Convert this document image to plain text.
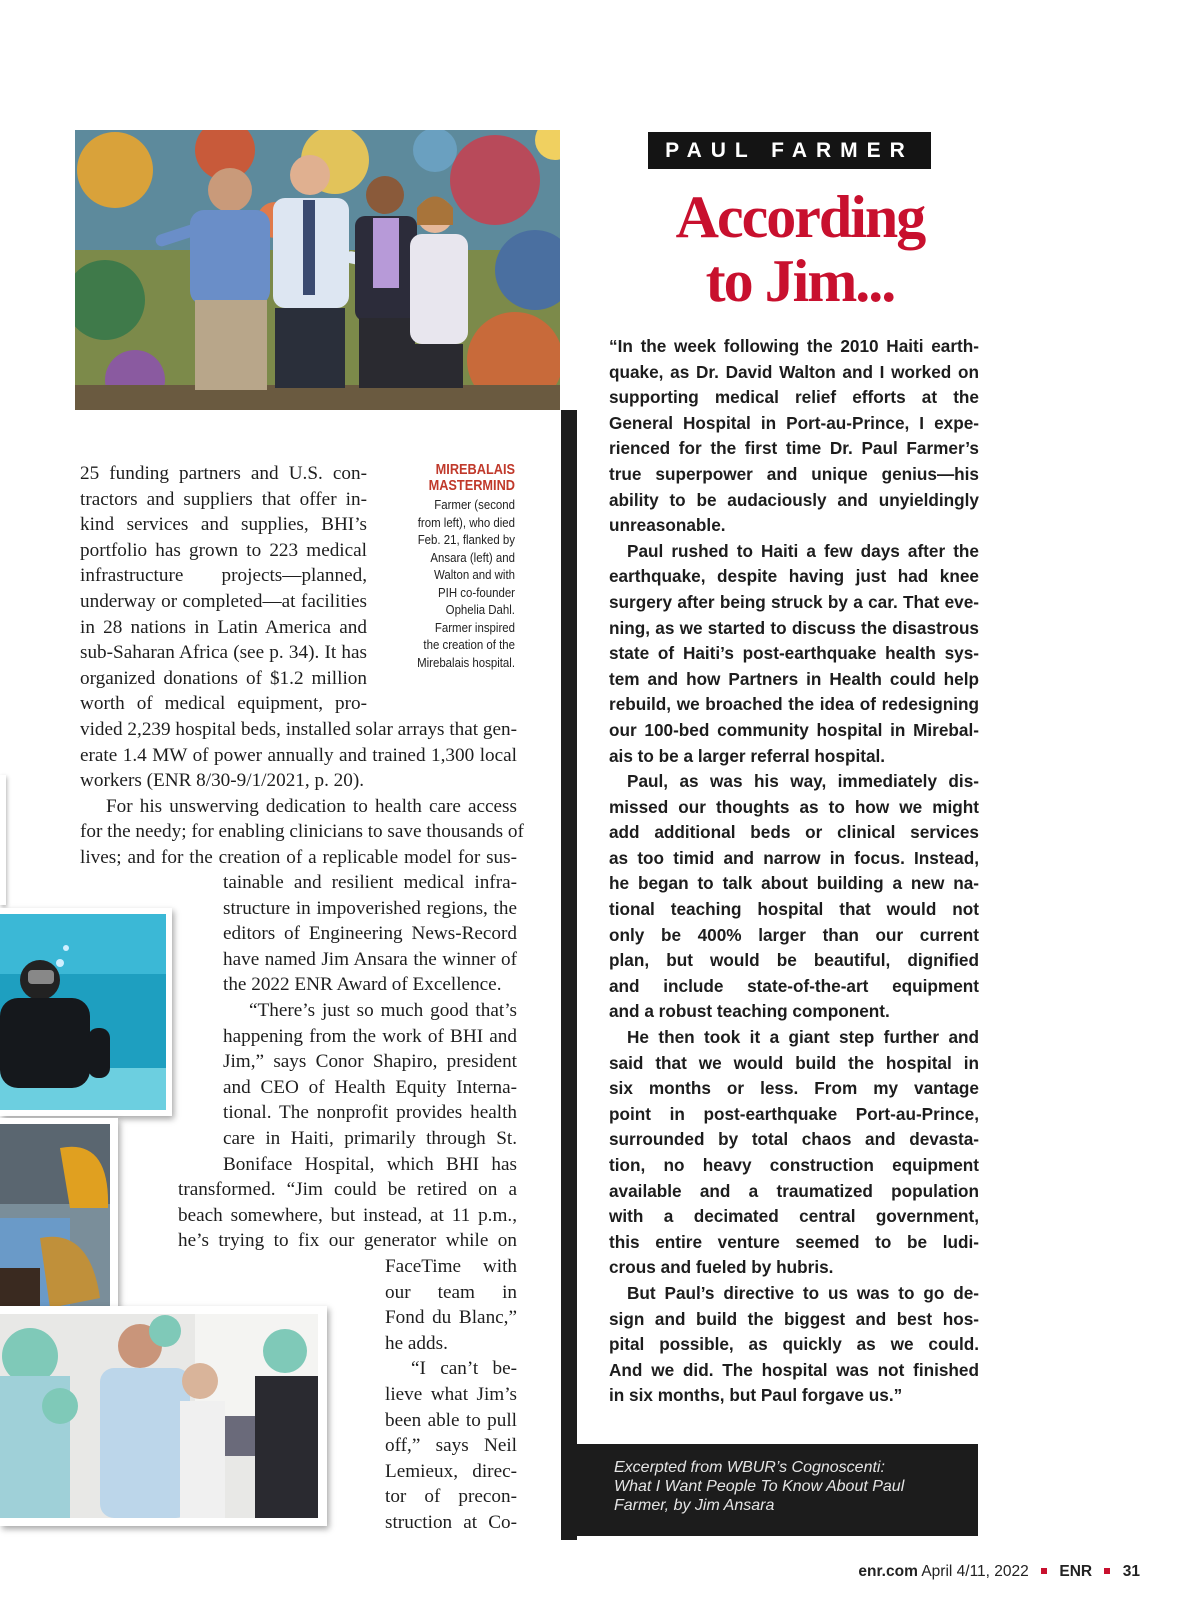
MIREBALAIS
MASTERMIND
Farmer (second
from left), who died
Feb. 21, flanked by
Ansara (left) and
Walton and with
PIH co-founder
Ophelia Dahl.
Farmer inspired
the creation of the
Mirebalais hospital.
25 funding partners and U.S. con-
tractors and suppliers that offer in-
kind services and supplies, BHI’s
portfolio has grown to 223 medical
infrastructure projects—planned,
underway or completed—at facilities
in 28 nations in Latin America and
sub-Saharan Africa (see p. 34). It has
organized donations of $1.2 million
worth of medical equipment, pro-
vided 2,239 hospital beds, installed solar arrays that gen-
erate 1.4 MW of power annually and trained 1,300 local
workers (ENR 8/30-9/1/2021, p. 20).
For his unswerving dedication to health care access
for the needy; for enabling clinicians to save thousands of
lives; and for the creation of a replicable model for sus-
tainable and resilient medical infra-
structure in impoverished regions, the
editors of Engineering News-Record
have named Jim Ansara the winner of
the 2022 ENR Award of Excellence.
“There’s just so much good that’s
happening from the work of BHI and
Jim,” says Conor Shapiro, president
and CEO of Health Equity Interna-
tional. The nonprofit provides health
care in Haiti, primarily through St.
Boniface Hospital, which BHI has
transformed. “Jim could be retired on a
beach somewhere, but instead, at 11 p.m.,
he’s trying to fix our generator while on
FaceTime with
our team in
Fond du Blanc,”
he adds.
“I can’t be-
lieve what Jim’s
been able to pull
off,” says Neil
Lemieux, direc-
tor of precon-
struction at Co-
PAUL FARMER
According
to Jim...
“In the week following the 2010 Haiti earth-
quake, as Dr. David Walton and I worked on
supporting medical relief efforts at the
General Hospital in Port-au-Prince, I expe-
rienced for the first time Dr. Paul Farmer’s
true superpower and unique genius—his
ability to be audaciously and unyieldingly
unreasonable.
Paul rushed to Haiti a few days after the
earthquake, despite having just had knee
surgery after being struck by a car. That eve-
ning, as we started to discuss the disastrous
state of Haiti’s post-earthquake health sys-
tem and how Partners in Health could help
rebuild, we broached the idea of redesigning
our 100-bed community hospital in Mirebal-
ais to be a larger referral hospital.
Paul, as was his way, immediately dis-
missed our thoughts as to how we might
add additional beds or clinical services
as too timid and narrow in focus. Instead,
he began to talk about building a new na-
tional teaching hospital that would not
only be 400% larger than our current
plan, but would be beautiful, dignified
and include state-of-the-art equipment
and a robust teaching component.
He then took it a giant step further and
said that we would build the hospital in
six months or less. From my vantage
point in post-earthquake Port-au-Prince,
surrounded by total chaos and devasta-
tion, no heavy construction equipment
available and a traumatized population
with a decimated central government,
this entire venture seemed to be ludi-
crous and fueled by hubris.
But Paul’s directive to us was to go de-
sign and build the biggest and best hos-
pital possible, as quickly as we could.
And we did. The hospital was not finished
in six months, but Paul forgave us.”
Excerpted from WBUR’s Cognoscenti:
What I Want People To Know About Paul
Farmer, by Jim Ansara
enr.com April 4/11, 2022 ENR 31
